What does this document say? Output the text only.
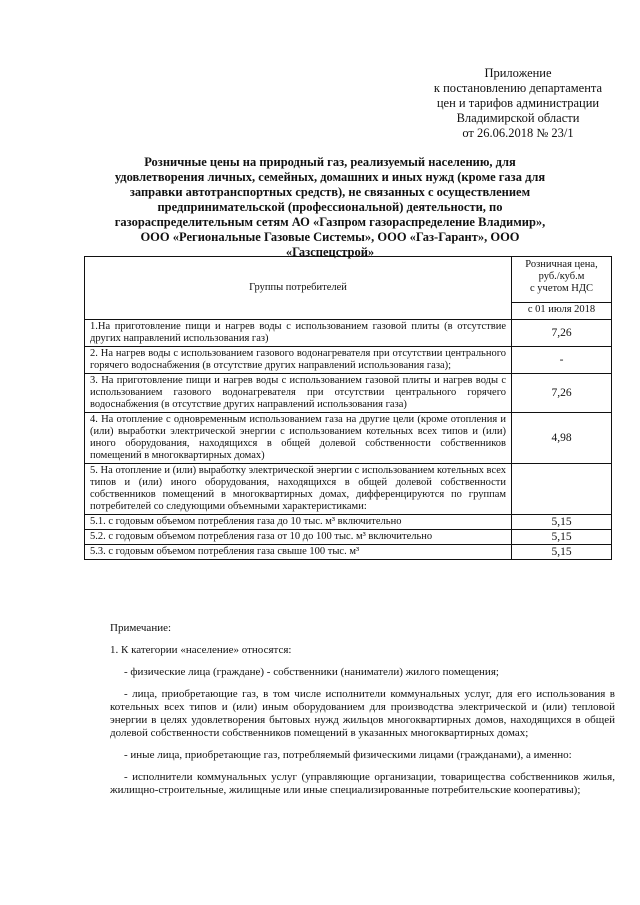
Приложение
к постановлению департамента
цен и тарифов администрации
Владимирской области
от 26.06.2018 № 23/1
Розничные цены на природный газ, реализуемый населению, для удовлетворения личных, семейных, домашних и иных нужд (кроме газа для заправки автотранспортных средств), не связанных с осуществлением предпринимательской (профессиональной) деятельности, по газораспределительным сетям АО «Газпром газораспределение Владимир», ООО «Региональные Газовые Системы», ООО «Газ-Гарант», ООО «Газспецстрой»
Группы потребителей	Розничная цена,
руб./куб.м
с учетом НДС

	с 01 июля 2018
1.На приготовление пищи и нагрев воды с использованием газовой плиты (в отсутствие других направлений использования газ)	7,26
2. На нагрев воды с использованием газового водонагревателя при отсутствии центрального горячего водоснабжения (в отсутствие других направлений использования газа);	-
3. На приготовление пищи и нагрев воды с использованием газовой плиты и нагрев воды с использованием газового водонагревателя при отсутствии центрального горячего водоснабжения (в отсутствие других направлений использования газа)	7,26
4. На отопление с одновременным использованием газа на другие цели (кроме отопления и (или) выработки электрической энергии с использованием котельных всех типов и (или) иного оборудования, находящихся в общей долевой собственности собственников помещений в многоквартирных домах)	4,98
5. На отопление и (или) выработку электрической энергии с использованием котельных всех типов и (или) иного оборудования, находящихся в общей долевой собственности собственников помещений в многоквартирных домах, дифференцируются по группам потребителей со следующими объемными характеристиками:	
5.1. с годовым объемом потребления газа до 10 тыс. м³ включительно	5,15
5.2. с годовым объемом потребления газа от 10 до 100 тыс. м³ включительно	5,15
5.3. с годовым объемом потребления газа свыше 100 тыс. м³	5,15

Примечание:

1. К категории «население» относятся:

- физические лица (граждане) - собственники (наниматели) жилого помещения;

- лица, приобретающие газ, в том числе исполнители коммунальных услуг, для его использования в котельных всех типов и (или) иным оборудованием для производства электрической и (или) тепловой энергии в целях удовлетворения бытовых нужд жильцов многоквартирных домов, находящихся в общей долевой собственности собственников помещений в указанных многоквартирных домах;

- иные лица, приобретающие газ, потребляемый физическими лицами (гражданами), а именно:

- исполнители коммунальных услуг (управляющие организации, товарищества собственников жилья, жилищно-строительные, жилищные или иные специализированные потребительские кооперативы);
